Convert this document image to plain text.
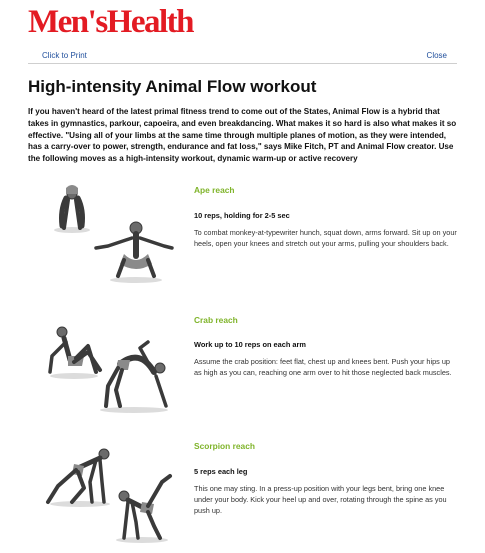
Men'sHealth
Click to Print	Close
High-intensity Animal Flow workout

If you haven't heard of the latest primal fitness trend to come out of the States, Animal Flow is a hybrid that takes in gymnastics, parkour, capoeira, and even breakdancing. What makes it so hard is also what makes it so effective. "Using all of your limbs at the same time through multiple planes of motion, as they were intended, has a carry-over to power, strength, endurance and fat loss," says Mike Fitch, PT and Animal Flow creator. Use the following moves as a high-intensity workout, dynamic warm-up or active recovery

Ape reach

10 reps, holding for 2-5 sec

To combat monkey-at-typewriter hunch, squat down, arms forward. Sit up on your heels, open your knees and stretch out your arms, pulling your shoulders back.

Crab reach

Work up to 10 reps on each arm

Assume the crab position: feet flat, chest up and knees bent. Push your hips up as high as you can, reaching one arm over to hit those neglected back muscles.

Scorpion reach

5 reps each leg

This one may sting. In a press-up position with your legs bent, bring one knee under your body. Kick your heel up and over, rotating through the spine as you push up.
